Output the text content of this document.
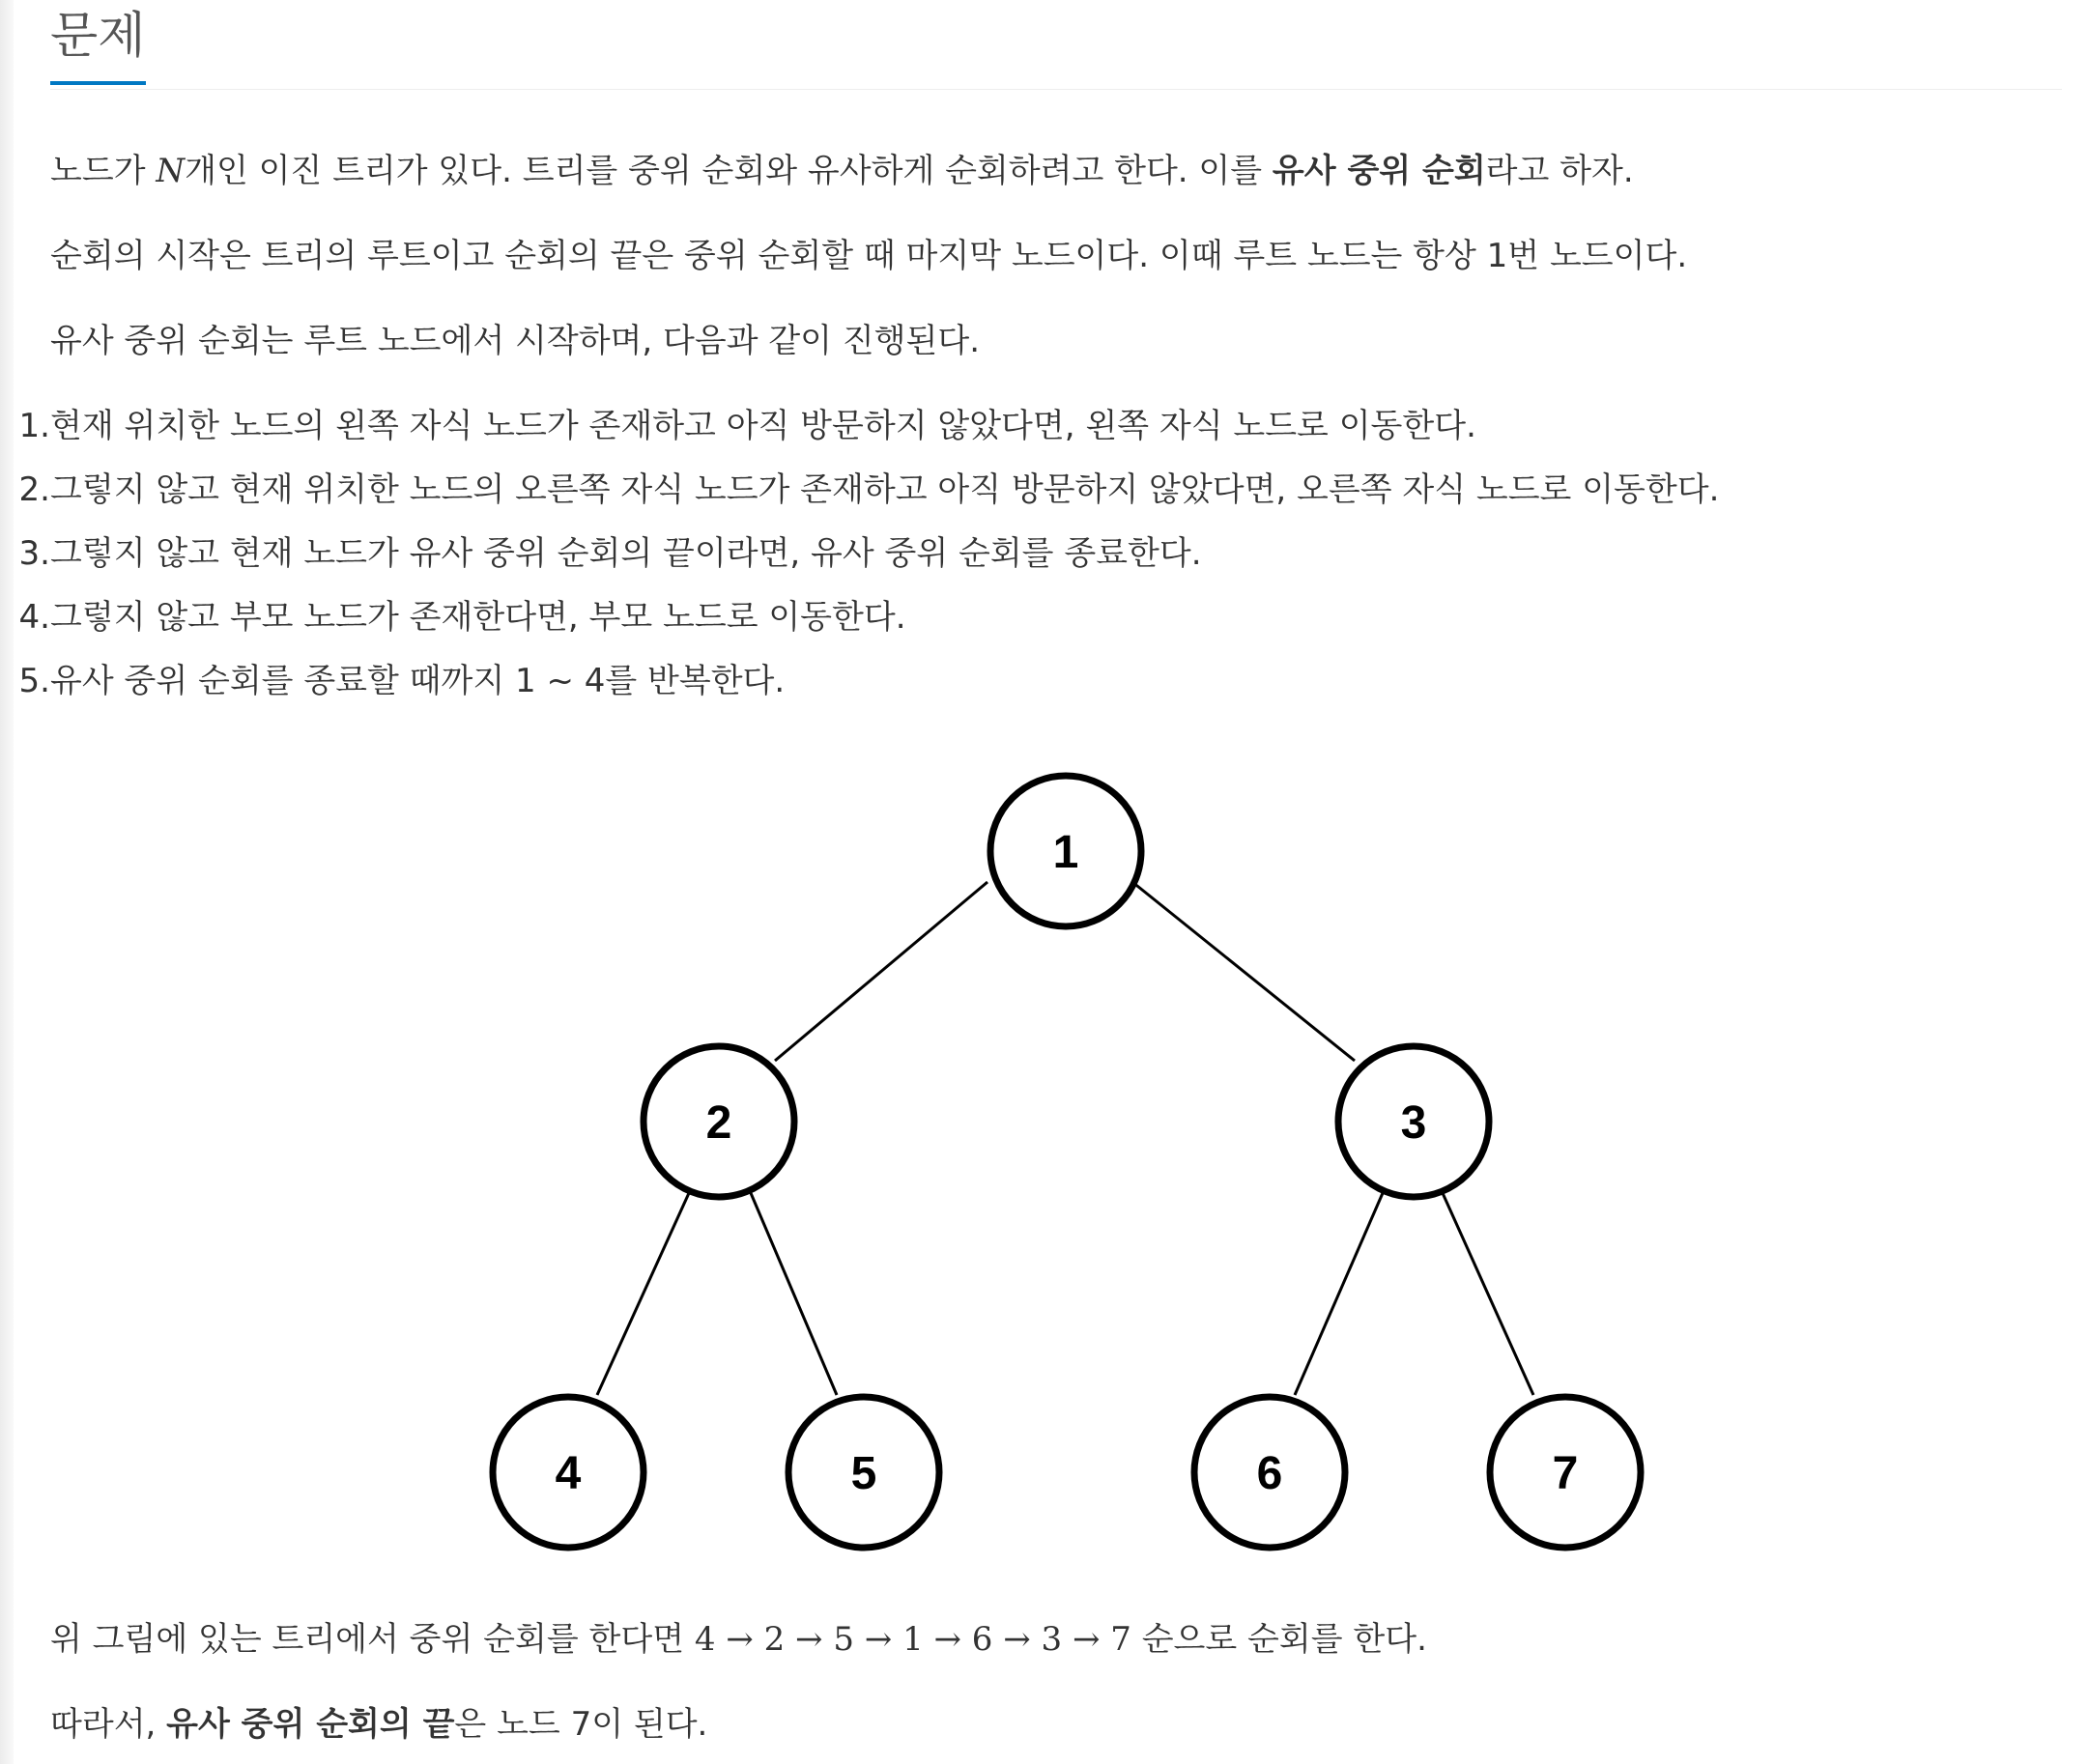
문제

노드가 N개인 이진 트리가 있다. 트리를 중위 순회와 유사하게 순회하려고 한다. 이를 유사 중위 순회라고 하자.

순회의 시작은 트리의 루트이고 순회의 끝은 중위 순회할 때 마지막 노드이다. 이때 루트 노드는 항상 1번 노드이다.

유사 중위 순회는 루트 노드에서 시작하며, 다음과 같이 진행된다.

1.현재 위치한 노드의 왼쪽 자식 노드가 존재하고 아직 방문하지 않았다면, 왼쪽 자식 노드로 이동한다.
2.그렇지 않고 현재 위치한 노드의 오른쪽 자식 노드가 존재하고 아직 방문하지 않았다면, 오른쪽 자식 노드로 이동한다.
3.그렇지 않고 현재 노드가 유사 중위 순회의 끝이라면, 유사 중위 순회를 종료한다.
4.그렇지 않고 부모 노드가 존재한다면, 부모 노드로 이동한다.
5.유사 중위 순회를 종료할 때까지 1 ~ 4를 반복한다.
1
2	3
4	5	6	7

위 그림에 있는 트리에서 중위 순회를 한다면 4 → 2 → 5 → 1 → 6 → 3 → 7 순으로 순회를 한다.

따라서, 유사 중위 순회의 끝은 노드 7이 된다.
